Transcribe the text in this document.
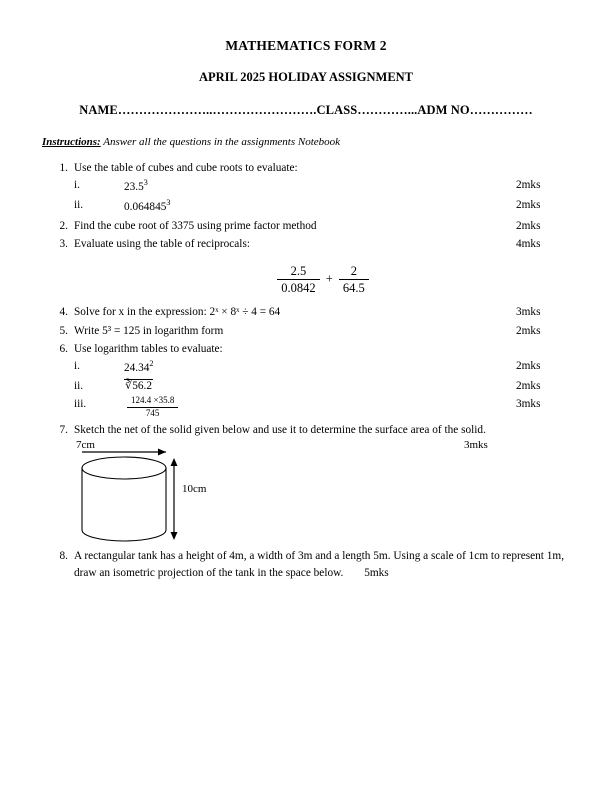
MATHEMATICS FORM 2
APRIL 2025 HOLIDAY ASSIGNMENT
NAME…………………..…………………….CLASS…………...ADM NO……………
Instructions: Answer all the questions in the assignments Notebook
1. Use the table of cubes and cube roots to evaluate:
i.	23.5$^3$	2mks
ii.	0.064845$^3$	2mks
2. Find the cube root of 3375 using prime factor method	2mks
3. Evaluate using the table of reciprocals:	4mks
$\frac{2.5}{0.0842} + \frac{2}{64.5}$
4. Solve for x in the expression: 2ˣ × 8ˣ ÷ 4 = 64	3mks
5. Write 5³ = 125 in logarithm form	2mks
6. Use logarithm tables to evaluate:
i.	24.34$^2$	2mks
ii.	∛56.2	2mks
iii.	$\frac{124.4 \times 35.8}{745}$	3mks
7. Sketch the net of the solid given below and use it to determine the surface area of the solid.
7cm	3mks
10cm
8. A rectangular tank has a height of 4m, a width of 3m and a length 5m. Using a scale of 1cm to represent 1m, draw an isometric projection of the tank in the space below. 5mks
